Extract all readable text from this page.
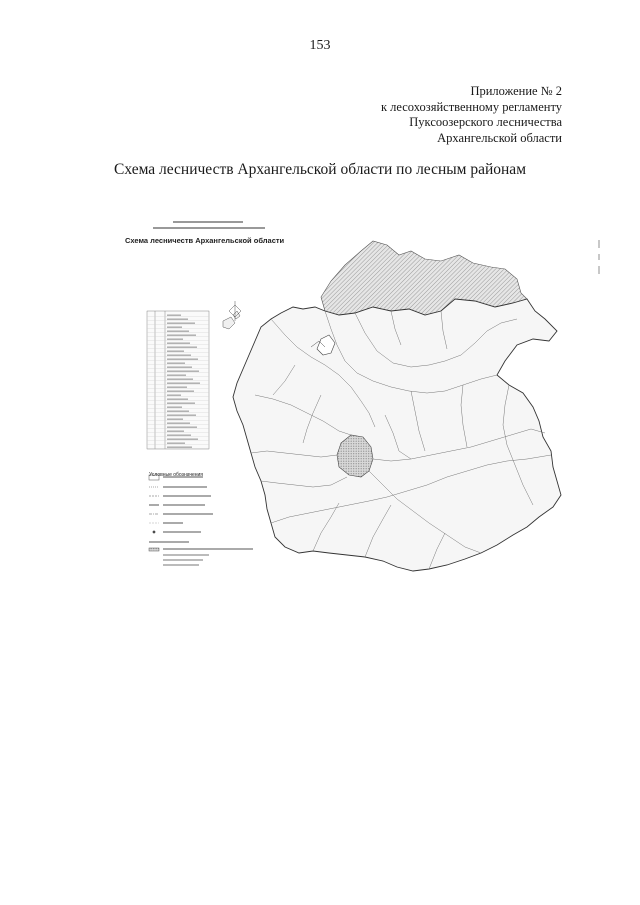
153
Приложение № 2
к лесохозяйственному регламенту
Пуксоозерского лесничества
Архангельской области
Схема лесничеств Архангельской области по лесным районам
Схема лесничеств Архангельской области
Условные обозначения
